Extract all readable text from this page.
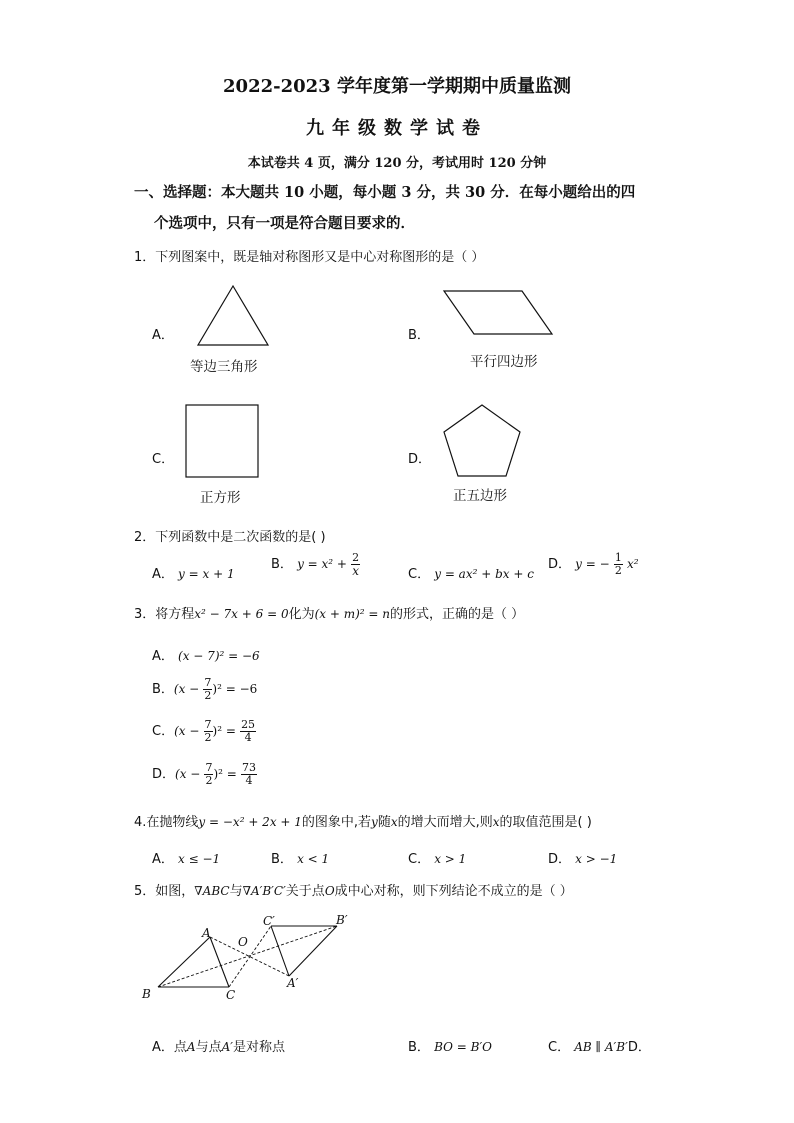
2022-2023 学年度第一学期期中质量监测
九年级数学试卷
本试卷共 4 页，满分 120 分，考试用时 120 分钟
一、选择题：本大题共 10 小题，每小题 3 分，共 30 分．在每小题给出的四
个选项中，只有一项是符合题目要求的．
1．下列图案中，既是轴对称图形又是中心对称图形的是（ ）
A．
等边三角形
B．
平行四边形
C．
正方形
D．
正五边形
2．下列函数中是二次函数的是( )
A． y = x + 1
B． $y = x^2 + \frac{2}{x}$	C． y = ax² + bx + c
D． y = − $\frac{1}{2} x^2$
3．将方程x² − 7x + 6 = 0化为(x + m)² = n的形式，正确的是（ ）
A． (x − 7)² = −6
B．$(x - \frac{7}{2} )^2 = -6$
C．$(x - \frac{7}{2} )^2 = \frac{25}{4}$
D．$(x - \frac{7}{2} )^2 = \frac{73}{4}$
4.在抛物线y = −x² + 2x + 1的图象中,若y随x的增大而增大,则x的取值范围是( )
A． x ≤ −1	B． x < 1	C． x > 1	D． x > −1
5．如图，∇ABC与∇A′B′C′关于点O成中心对称，则下列结论不成立的是（ ）
A
B	C
O
A′
B′
C′
A．点A与点A′是对称点	B． BO = B′O	C． AB ∥ A′B′D．
